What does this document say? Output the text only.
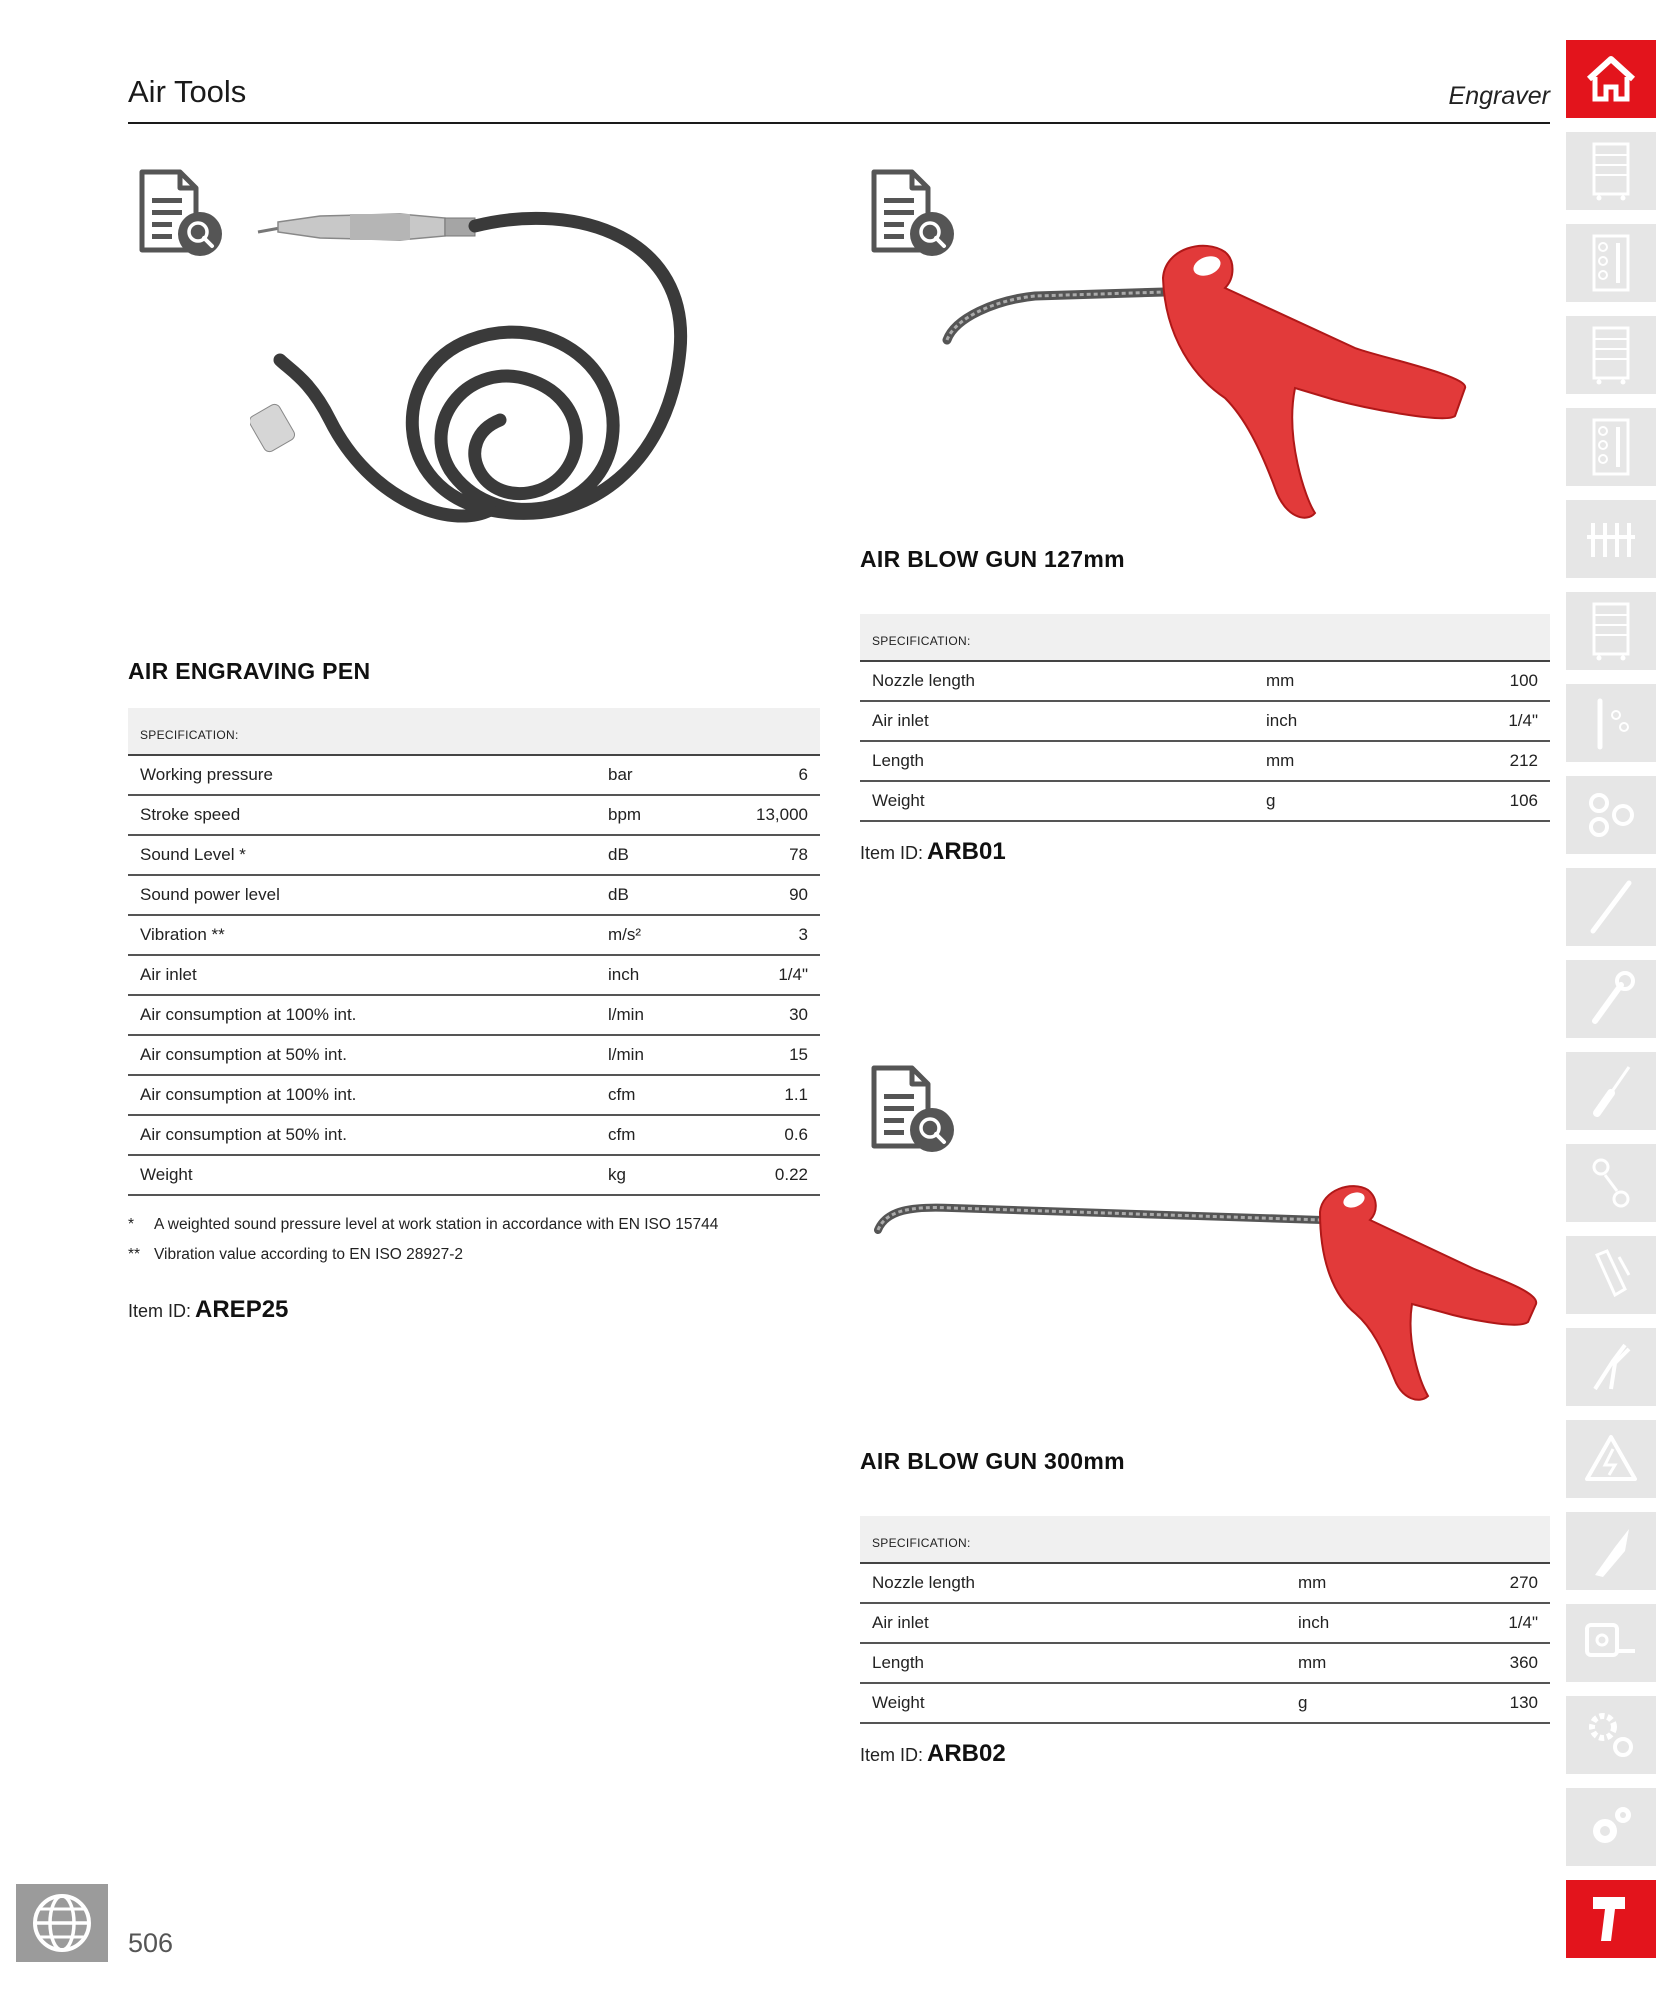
Air Tools	Engraver
AIR ENGRAVING PEN
SPECIFICATION:		
Working pressure	bar	6
Stroke speed	bpm	13,000
Sound Level *	dB	78
Sound power level	dB	90
Vibration **	m/s²	3
Air inlet	inch	1/4"
Air consumption at 100% int.	l/min	30
Air consumption at 50% int.	l/min	15
Air consumption at 100% int.	cfm	1.1
Air consumption at 50% int.	cfm	0.6
Weight	kg	0.22
* A weighted sound pressure level at work station in accordance with EN ISO 15744
** Vibration value according to EN ISO 28927-2
Item ID: AREP25
AIR BLOW GUN 127mm
SPECIFICATION:		
Nozzle length	mm	100
Air inlet	inch	1/4"
Length	mm	212
Weight	g	106
Item ID: ARB01
AIR BLOW GUN 300mm
SPECIFICATION:		
Nozzle length	mm	270
Air inlet	inch	1/4"
Length	mm	360
Weight	g	130
Item ID: ARB02
506
